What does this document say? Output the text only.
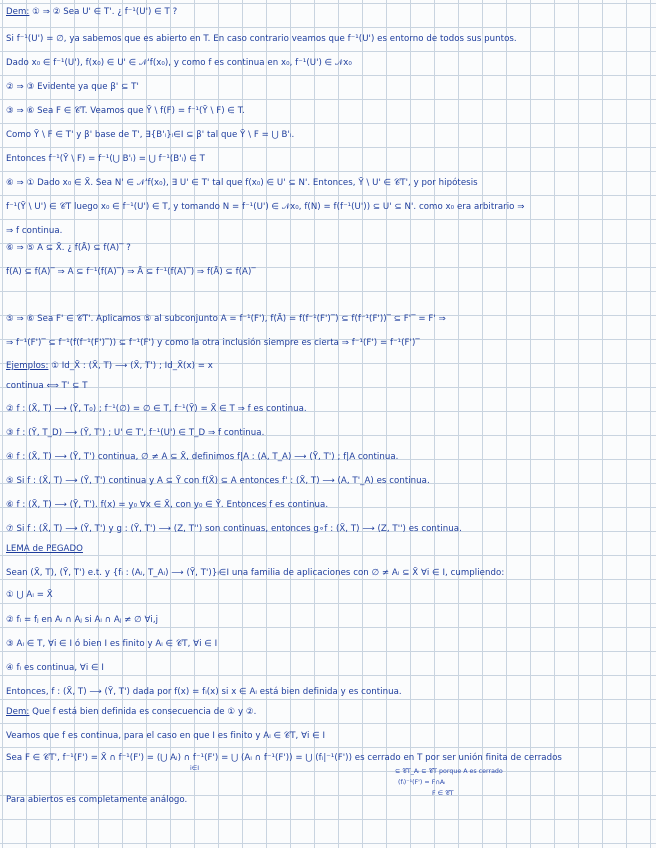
Dem: ① ⇒ ② Sea U' ∈ T'. ¿ f⁻¹(U') ∈ T ?
Si f⁻¹(U') = ∅, ya sabemos que es abierto en T. En caso contrario veamos que f⁻¹(U') es entorno de todos sus puntos.
Dado x₀ ∈ f⁻¹(U'), f(x₀) ∈ U' ∈ 𝒩'f(x₀), y como f es continua en x₀, f⁻¹(U') ∈ 𝒩x₀
② ⇒ ③ Evidente ya que β' ⊆ T'
③ ⇒ ⑥ Sea F ∈ 𝒞T. Veamos que Ȳ \ f(F) = f⁻¹(Ȳ \ F) ∈ T.
Como Ȳ \ F ∈ T' y β' base de T', ∃{B'ᵢ}ᵢ∈I ⊆ β' tal que Ȳ \ F = ⋃ B'ᵢ.
Entonces f⁻¹(Ȳ \ F) = f⁻¹(⋃ B'ᵢ) = ⋃ f⁻¹(B'ᵢ) ∈ T
⑥ ⇒ ① Dado x₀ ∈ X̄. Sea N' ∈ 𝒩'f(x₀), ∃ U' ∈ T' tal que f(x₀) ∈ U' ⊆ N'. Entonces, Ȳ \ U' ∈ 𝒞T', y por hipótesis
f⁻¹(Ȳ \ U') ∈ 𝒞T luego x₀ ∈ f⁻¹(U') ∈ T, y tomando N = f⁻¹(U') ∈ 𝒩x₀, f(N) = f(f⁻¹(U')) ⊆ U' ⊆ N'. como x₀ era arbitrario ⇒
⇒ f continua.
⑥ ⇒ ⑤ A ⊆ X̄. ¿ f(Ā) ⊆ f(A)‾ ?
f(A) ⊆ f(A)‾ ⇒ A ⊆ f⁻¹(f(A)‾) ⇒ Ā ⊆ f⁻¹(f(A)‾) ⇒ f(Ā) ⊆ f(A)‾
⑤ ⇒ ⑥ Sea F' ∈ 𝒞T'. Aplicamos ⑤ al subconjunto A = f⁻¹(F'), f(Ā) = f(f⁻¹(F')‾) ⊆ f(f⁻¹(F'))‾ ⊆ F'‾ = F' ⇒
⇒ f⁻¹(F')‾ ⊆ f⁻¹(f(f⁻¹(F')‾)) ⊆ f⁻¹(F') y como la otra inclusión siempre es cierta ⇒ f⁻¹(F') = f⁻¹(F')‾
Ejemplos: ① Id_X̄ : (X̄, T) ⟶ (X̄, T') ; Id_X̄(x) = x
continua ⟺ T' ⊆ T
② f : (X̄, T) ⟶ (Ȳ, T₀) ; f⁻¹(∅) = ∅ ∈ T, f⁻¹(Ȳ) = X̄ ∈ T ⇒ f es continua.
③ f : (Ȳ, T_D) ⟶ (Ȳ, T') ; U' ∈ T', f⁻¹(U') ∈ T_D ⇒ f continua.
④ f : (X̄, T) ⟶ (Ȳ, T') continua, ∅ ≠ A ⊆ X̄, definimos f|A : (A, T_A) ⟶ (Ȳ, T') ; f|A continua.
⑤ Si f : (X̄, T) ⟶ (Ȳ, T') continua y A ⊆ Ȳ con f(X̄) ⊆ A entonces f' : (X̄, T) ⟶ (A, T'_A) es continua.
⑥ f : (X̄, T) ⟶ (Ȳ, T'). f(x) = y₀ ∀x ∈ X̄, con y₀ ∈ Ȳ. Entonces f es continua.
⑦ Si f : (X̄, T) ⟶ (Ȳ, T') y g : (Ȳ, T') ⟶ (Z, T'') son continuas, entonces g∘f : (X̄, T) ⟶ (Z, T'') es continua.
LEMA de PEGADO
Sean (X̄, T), (Ȳ, T') e.t. y {fᵢ : (Aᵢ, T_Aᵢ) ⟶ (Ȳ, T')}ᵢ∈I una familia de aplicaciones con ∅ ≠ Aᵢ ⊆ X̄ ∀i ∈ I, cumpliendo:
① ⋃ Aᵢ = X̄
② fᵢ = fⱼ en Aᵢ ∩ Aⱼ si Aᵢ ∩ Aⱼ ≠ ∅ ∀i,j
③ Aᵢ ∈ T, ∀i ∈ I ó bien I es finito y Aᵢ ∈ 𝒞T, ∀i ∈ I
④ fᵢ es continua, ∀i ∈ I
Entonces, f : (X̄, T) ⟶ (Ȳ, T') dada por f(x) = fᵢ(x) si x ∈ Aᵢ está bien definida y es continua.
Dem: Que f está bien definida es consecuencia de ① y ②.
Veamos que f es continua, para el caso en que I es finito y Aᵢ ∈ 𝒞T, ∀i ∈ I
Sea F ∈ 𝒞T', f⁻¹(F') = X̄ ∩ f⁻¹(F') = (⋃ Aᵢ) ∩ f⁻¹(F') = ⋃ (Aᵢ ∩ f⁻¹(F')) = ⋃ (fᵢ|⁻¹(F')) es cerrado en T por ser unión finita de cerrados
i∈I	⊆ 𝒞T_Aᵢ ⊆ 𝒞T porque A es cerrado
(fᵢ)⁻¹(F') = F∩Aᵢ
F ∈ 𝒞T
Para abiertos es completamente análogo.
